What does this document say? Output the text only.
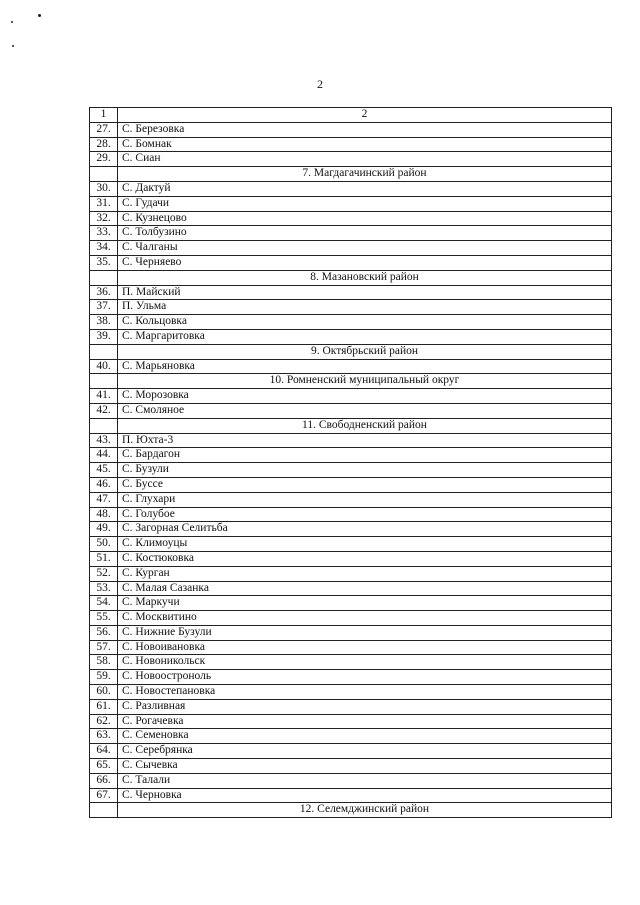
2
1	2
27.	С. Березовка
28.	С. Бомнак
29.	С. Сиан
	7. Магдагачинский район
30.	С. Дактуй
31.	С. Гудачи
32.	С. Кузнецово
33.	С. Толбузино
34.	С. Чалганы
35.	С. Черняево
	8. Мазановский район
36.	П. Майский
37.	П. Ульма
38.	С. Кольцовка
39.	С. Маргаритовка
	9. Октябрьский район
40.	С. Марьяновка
	10. Ромненский муниципальный округ
41.	С. Морозовка
42.	С. Смоляное
	11. Свободненский район
43.	П. Юхта-3
44.	С. Бардагон
45.	С. Бузули
46.	С. Буссе
47.	С. Глухари
48.	С. Голубое
49.	С. Загорная Селитьба
50.	С. Климоуцы
51.	С. Костюковка
52.	С. Курган
53.	С. Малая Сазанка
54.	С. Маркучи
55.	С. Москвитино
56.	С. Нижние Бузули
57.	С. Новоивановка
58.	С. Новоникольск
59.	С. Новоостроноль
60.	С. Новостепановка
61.	С. Разливная
62.	С. Рогачевка
63.	С. Семеновка
64.	С. Серебрянка
65.	С. Сычевка
66.	С. Талали
67.	С. Черновка
	12. Селемджинский район
